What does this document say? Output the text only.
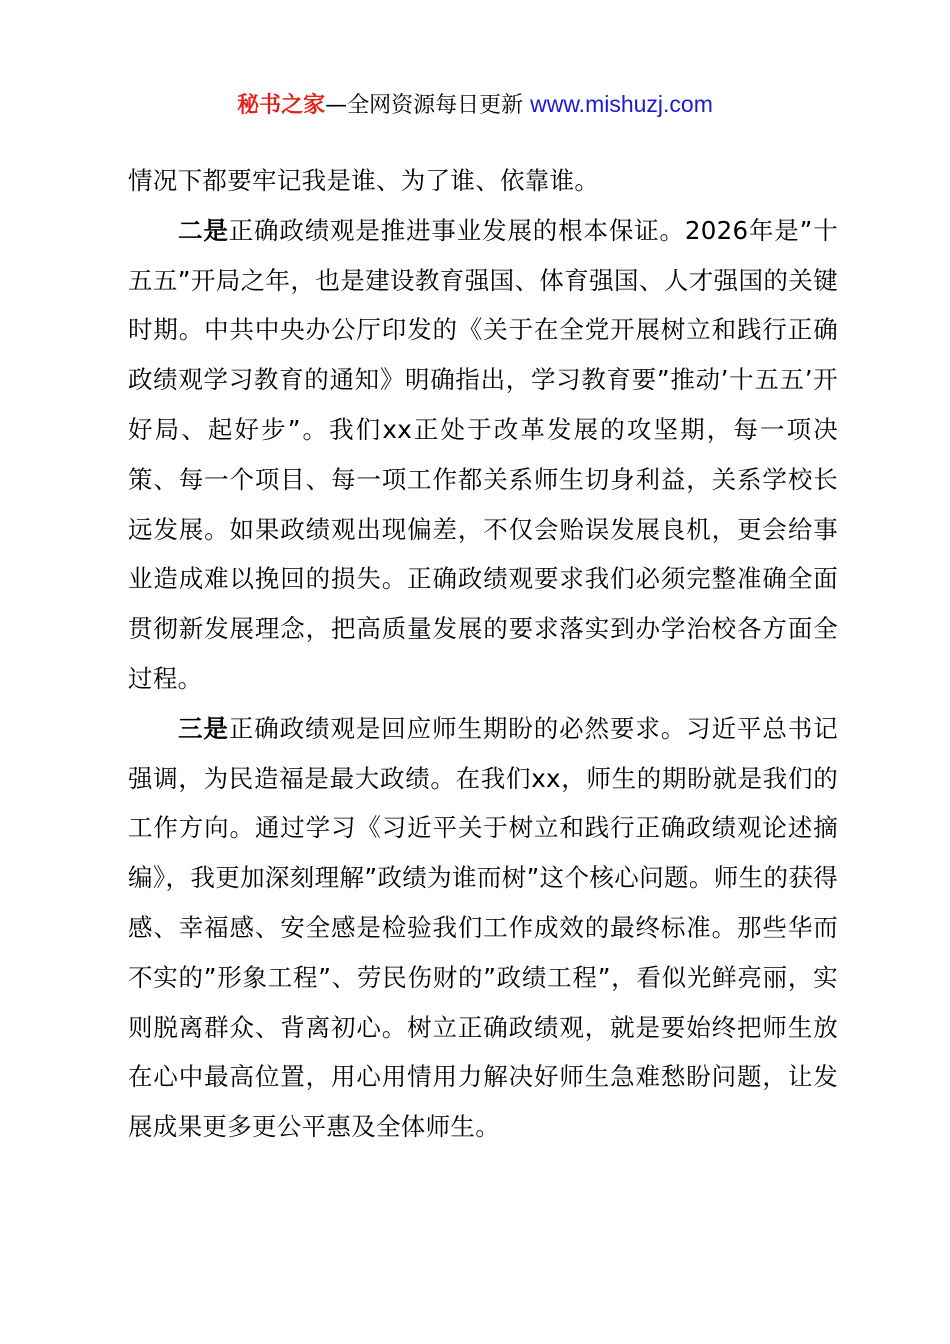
秘书之家—全网资源每日更新 www.mishuzj.com

情况下都要牢记我是谁、为了谁、依靠谁。

二是正确政绩观是推进事业发展的根本保证。2026年是”十五五”开局之年，也是建设教育强国、体育强国、人才强国的关键时期。中共中央办公厅印发的《关于在全党开展树立和践行正确政绩观学习教育的通知》明确指出，学习教育要”推动’十五五’开好局、起好步”。我们xx正处于改革发展的攻坚期，每一项决策、每一个项目、每一项工作都关系师生切身利益，关系学校长远发展。如果政绩观出现偏差，不仅会贻误发展良机，更会给事业造成难以挽回的损失。正确政绩观要求我们必须完整准确全面贯彻新发展理念，把高质量发展的要求落实到办学治校各方面全过程。

三是正确政绩观是回应师生期盼的必然要求。习近平总书记强调，为民造福是最大政绩。在我们xx，师生的期盼就是我们的工作方向。通过学习《习近平关于树立和践行正确政绩观论述摘编》，我更加深刻理解”政绩为谁而树”这个核心问题。师生的获得感、幸福感、安全感是检验我们工作成效的最终标准。那些华而不实的”形象工程”、劳民伤财的”政绩工程”，看似光鲜亮丽，实则脱离群众、背离初心。树立正确政绩观，就是要始终把师生放在心中最高位置，用心用情用力解决好师生急难愁盼问题，让发展成果更多更公平惠及全体师生。
